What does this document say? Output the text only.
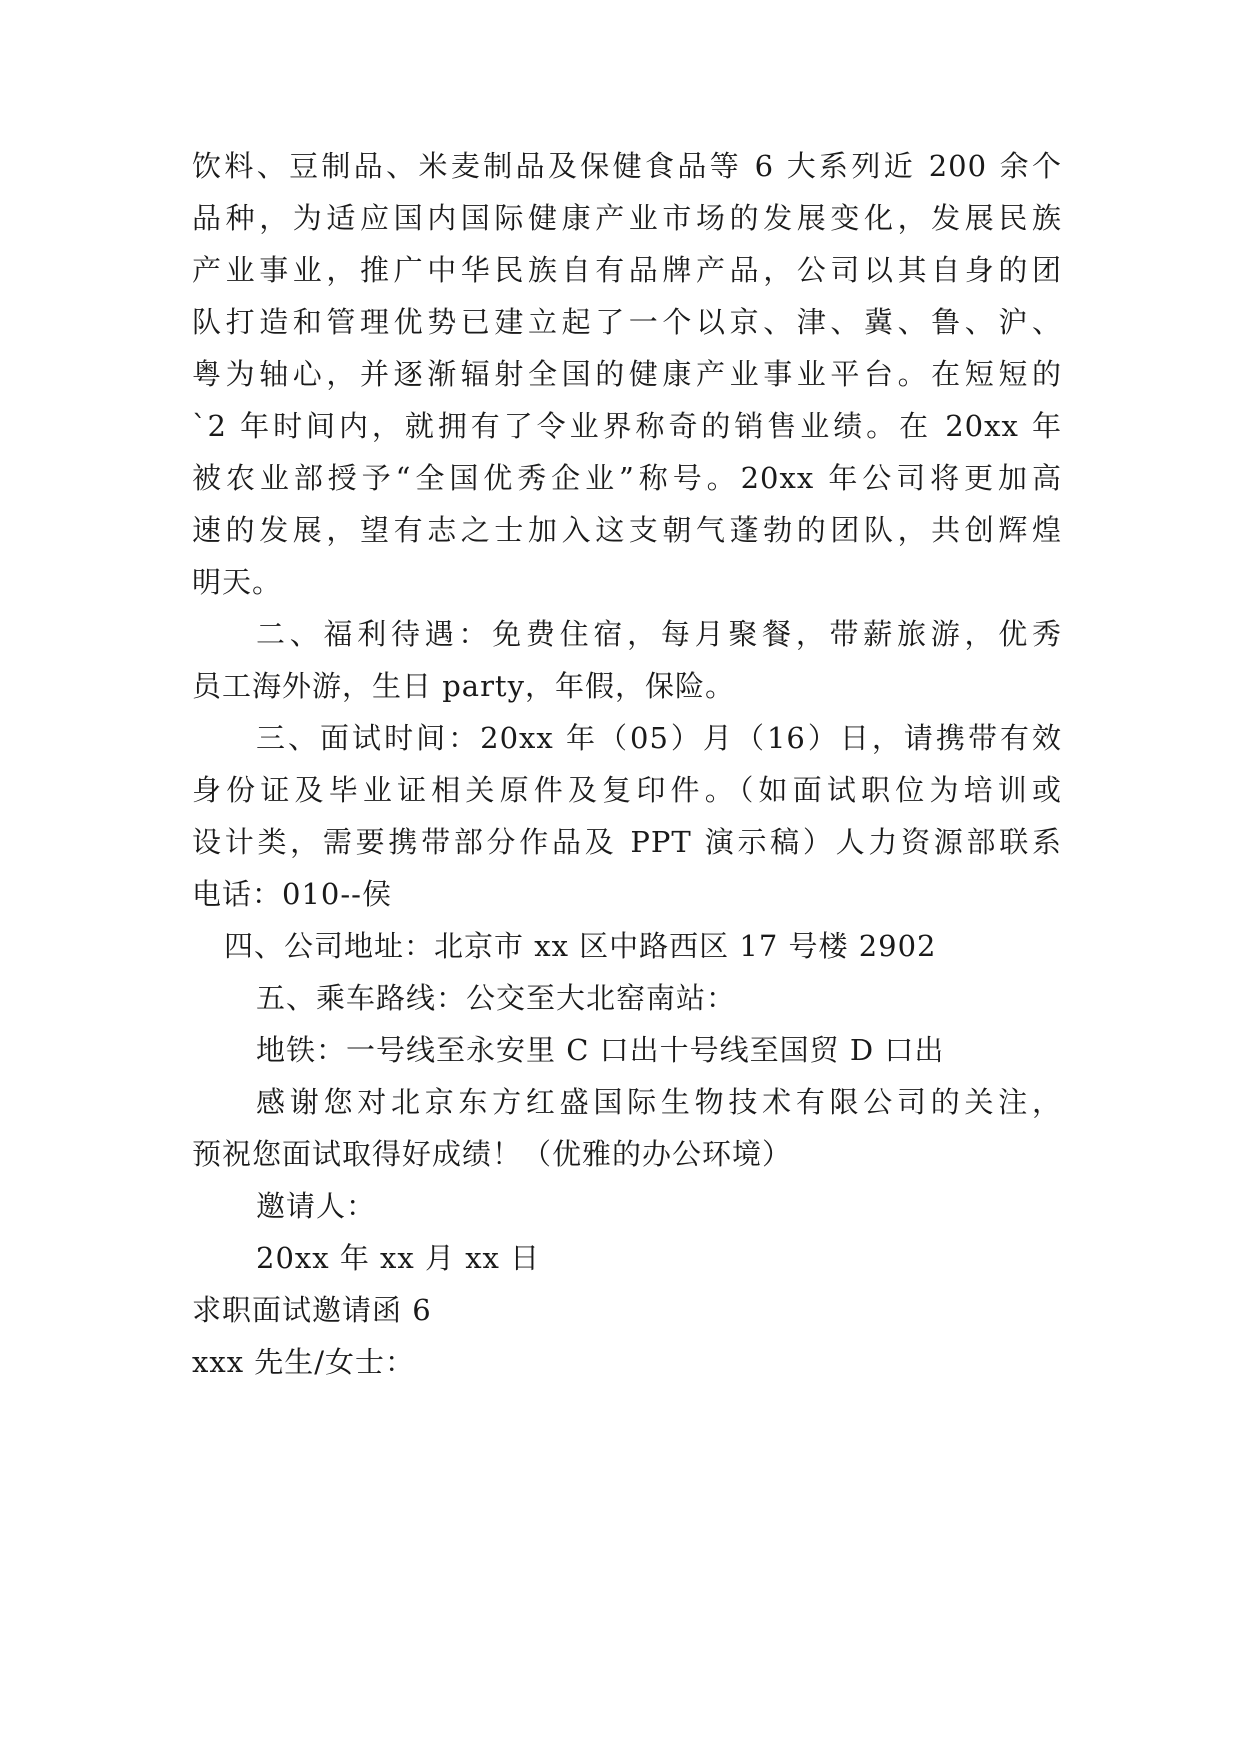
饮料、豆制品、米麦制品及保健食品等 6 大系列近 200 余个
品种，为适应国内国际健康产业市场的发展变化，发展民族
产业事业，推广中华民族自有品牌产品，公司以其自身的团
队打造和管理优势已建立起了一个以京、津、冀、鲁、沪、
粤为轴心，并逐渐辐射全国的健康产业事业平台。在短短的
`2 年时间内，就拥有了令业界称奇的销售业绩。在 20xx 年
被农业部授予“全国优秀企业”称号。20xx 年公司将更加高
速的发展，望有志之士加入这支朝气蓬勃的团队，共创辉煌
明天。
二、福利待遇：免费住宿，每月聚餐，带薪旅游，优秀
员工海外游，生日 party，年假，保险。
三、面试时间：20xx 年（05）月（16）日，请携带有效
身份证及毕业证相关原件及复印件。（如面试职位为培训或
设计类，需要携带部分作品及 PPT 演示稿）人力资源部联系
电话：010--侯
四、公司地址：北京市 xx 区中路西区 17 号楼 2902
五、乘车路线：公交至大北窑南站：
地铁：一号线至永安里 C 口出十号线至国贸 D 口出
感谢您对北京东方红盛国际生物技术有限公司的关注，
预祝您面试取得好成绩！（优雅的办公环境）
邀请人：
20xx 年 xx 月 xx 日
求职面试邀请函 6
xxx 先生/女士：
